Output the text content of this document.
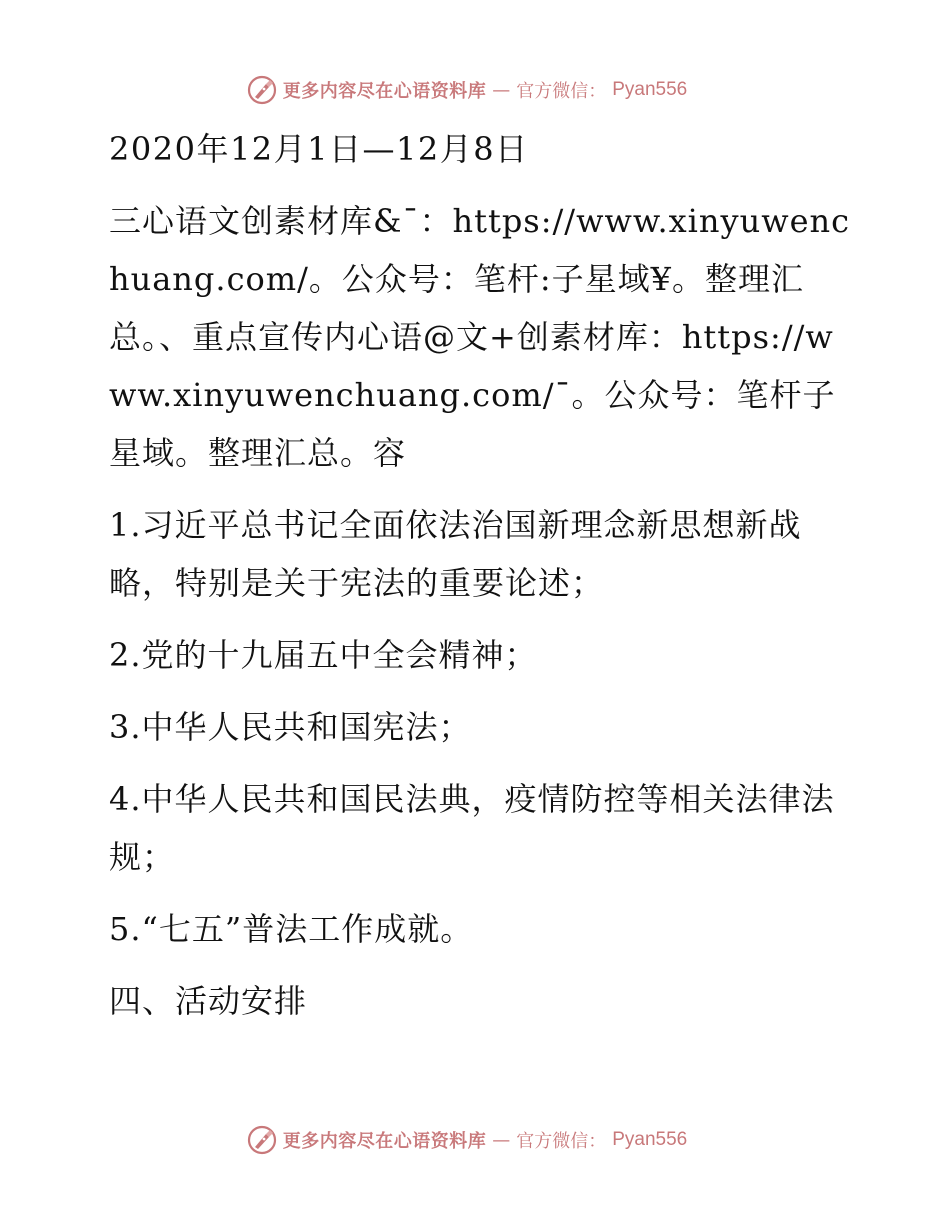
更多内容尽在心语资料库 — 官方微信： Pyan556

2020年12月1日—12月8日

三心语文创素材库&¯：https://www.xinyuwenchuang.com/。公众号：笔杆:子星域¥。整理汇总。、重点宣传内心语@文+创素材库：https://www.xinyuwenchuang.com/¯。公众号：笔杆子星域。整理汇总。容

1.习近平总书记全面依法治国新理念新思想新战略，特别是关于宪法的重要论述；

2.党的十九届五中全会精神；

3.中华人民共和国宪法；

4.中华人民共和国民法典，疫情防控等相关法律法规；

5.“七五”普法工作成就。

四、活动安排

更多内容尽在心语资料库 — 官方微信： Pyan556
